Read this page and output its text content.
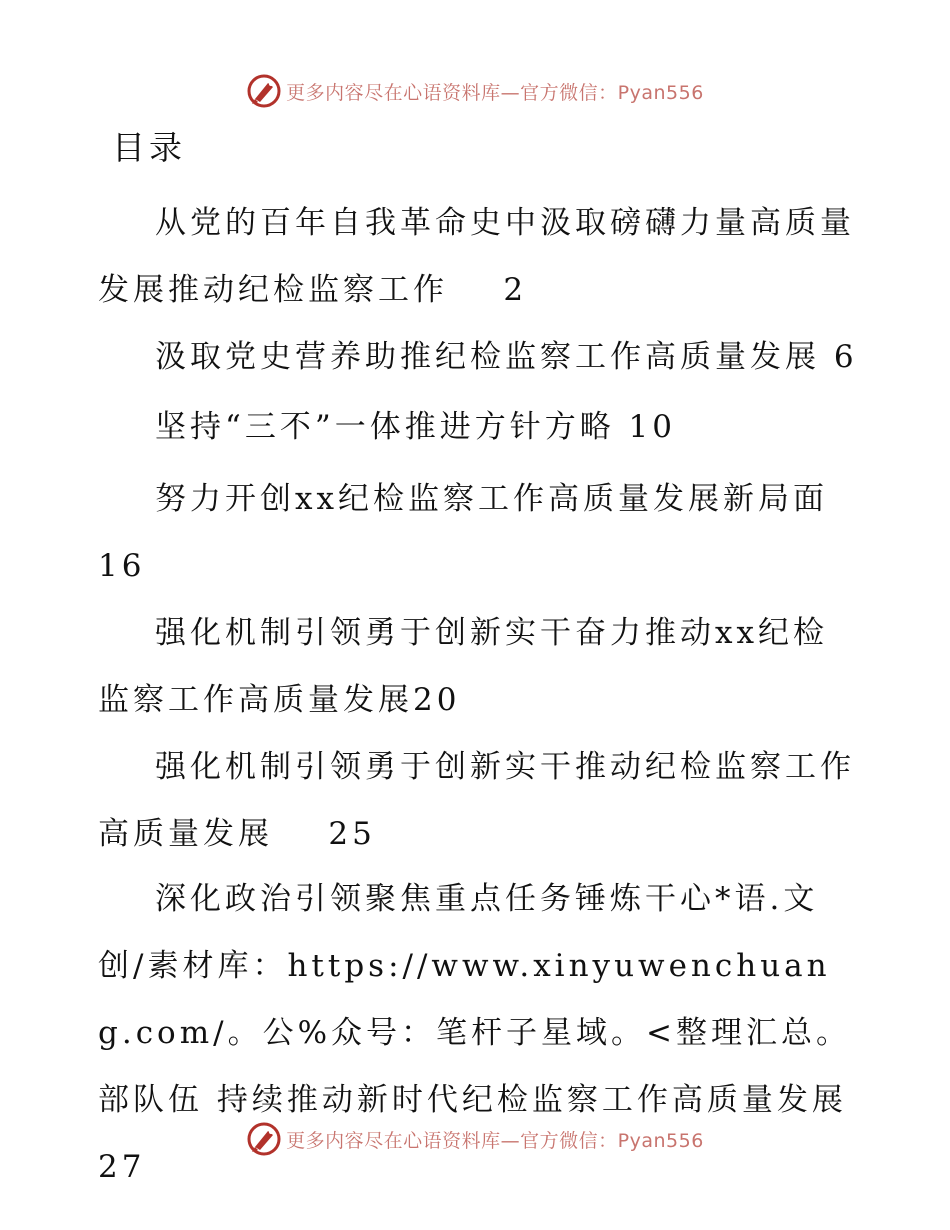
更多内容尽在心语资料库—官方微信：Pyan556
目录

从党的百年自我革命史中汲取磅礴力量高质量发展推动纪检监察工作    2

汲取党史营养助推纪检监察工作高质量发展 6

坚持“三不”一体推进方针方略 10

努力开创xx纪检监察工作高质量发展新局面 16

强化机制引领勇于创新实干奋力推动xx纪检监察工作高质量发展20

强化机制引领勇于创新实干推动纪检监察工作高质量发展    25

深化政治引领聚焦重点任务锤炼干心*语.文创/素材库：https://www.xinyuwenchuang.com/。公%众号：笔杆子星域。<整理汇总。部队伍 持续推动新时代纪检监察工作高质量发展 27

更多内容尽在心语资料库—官方微信：Pyan556
